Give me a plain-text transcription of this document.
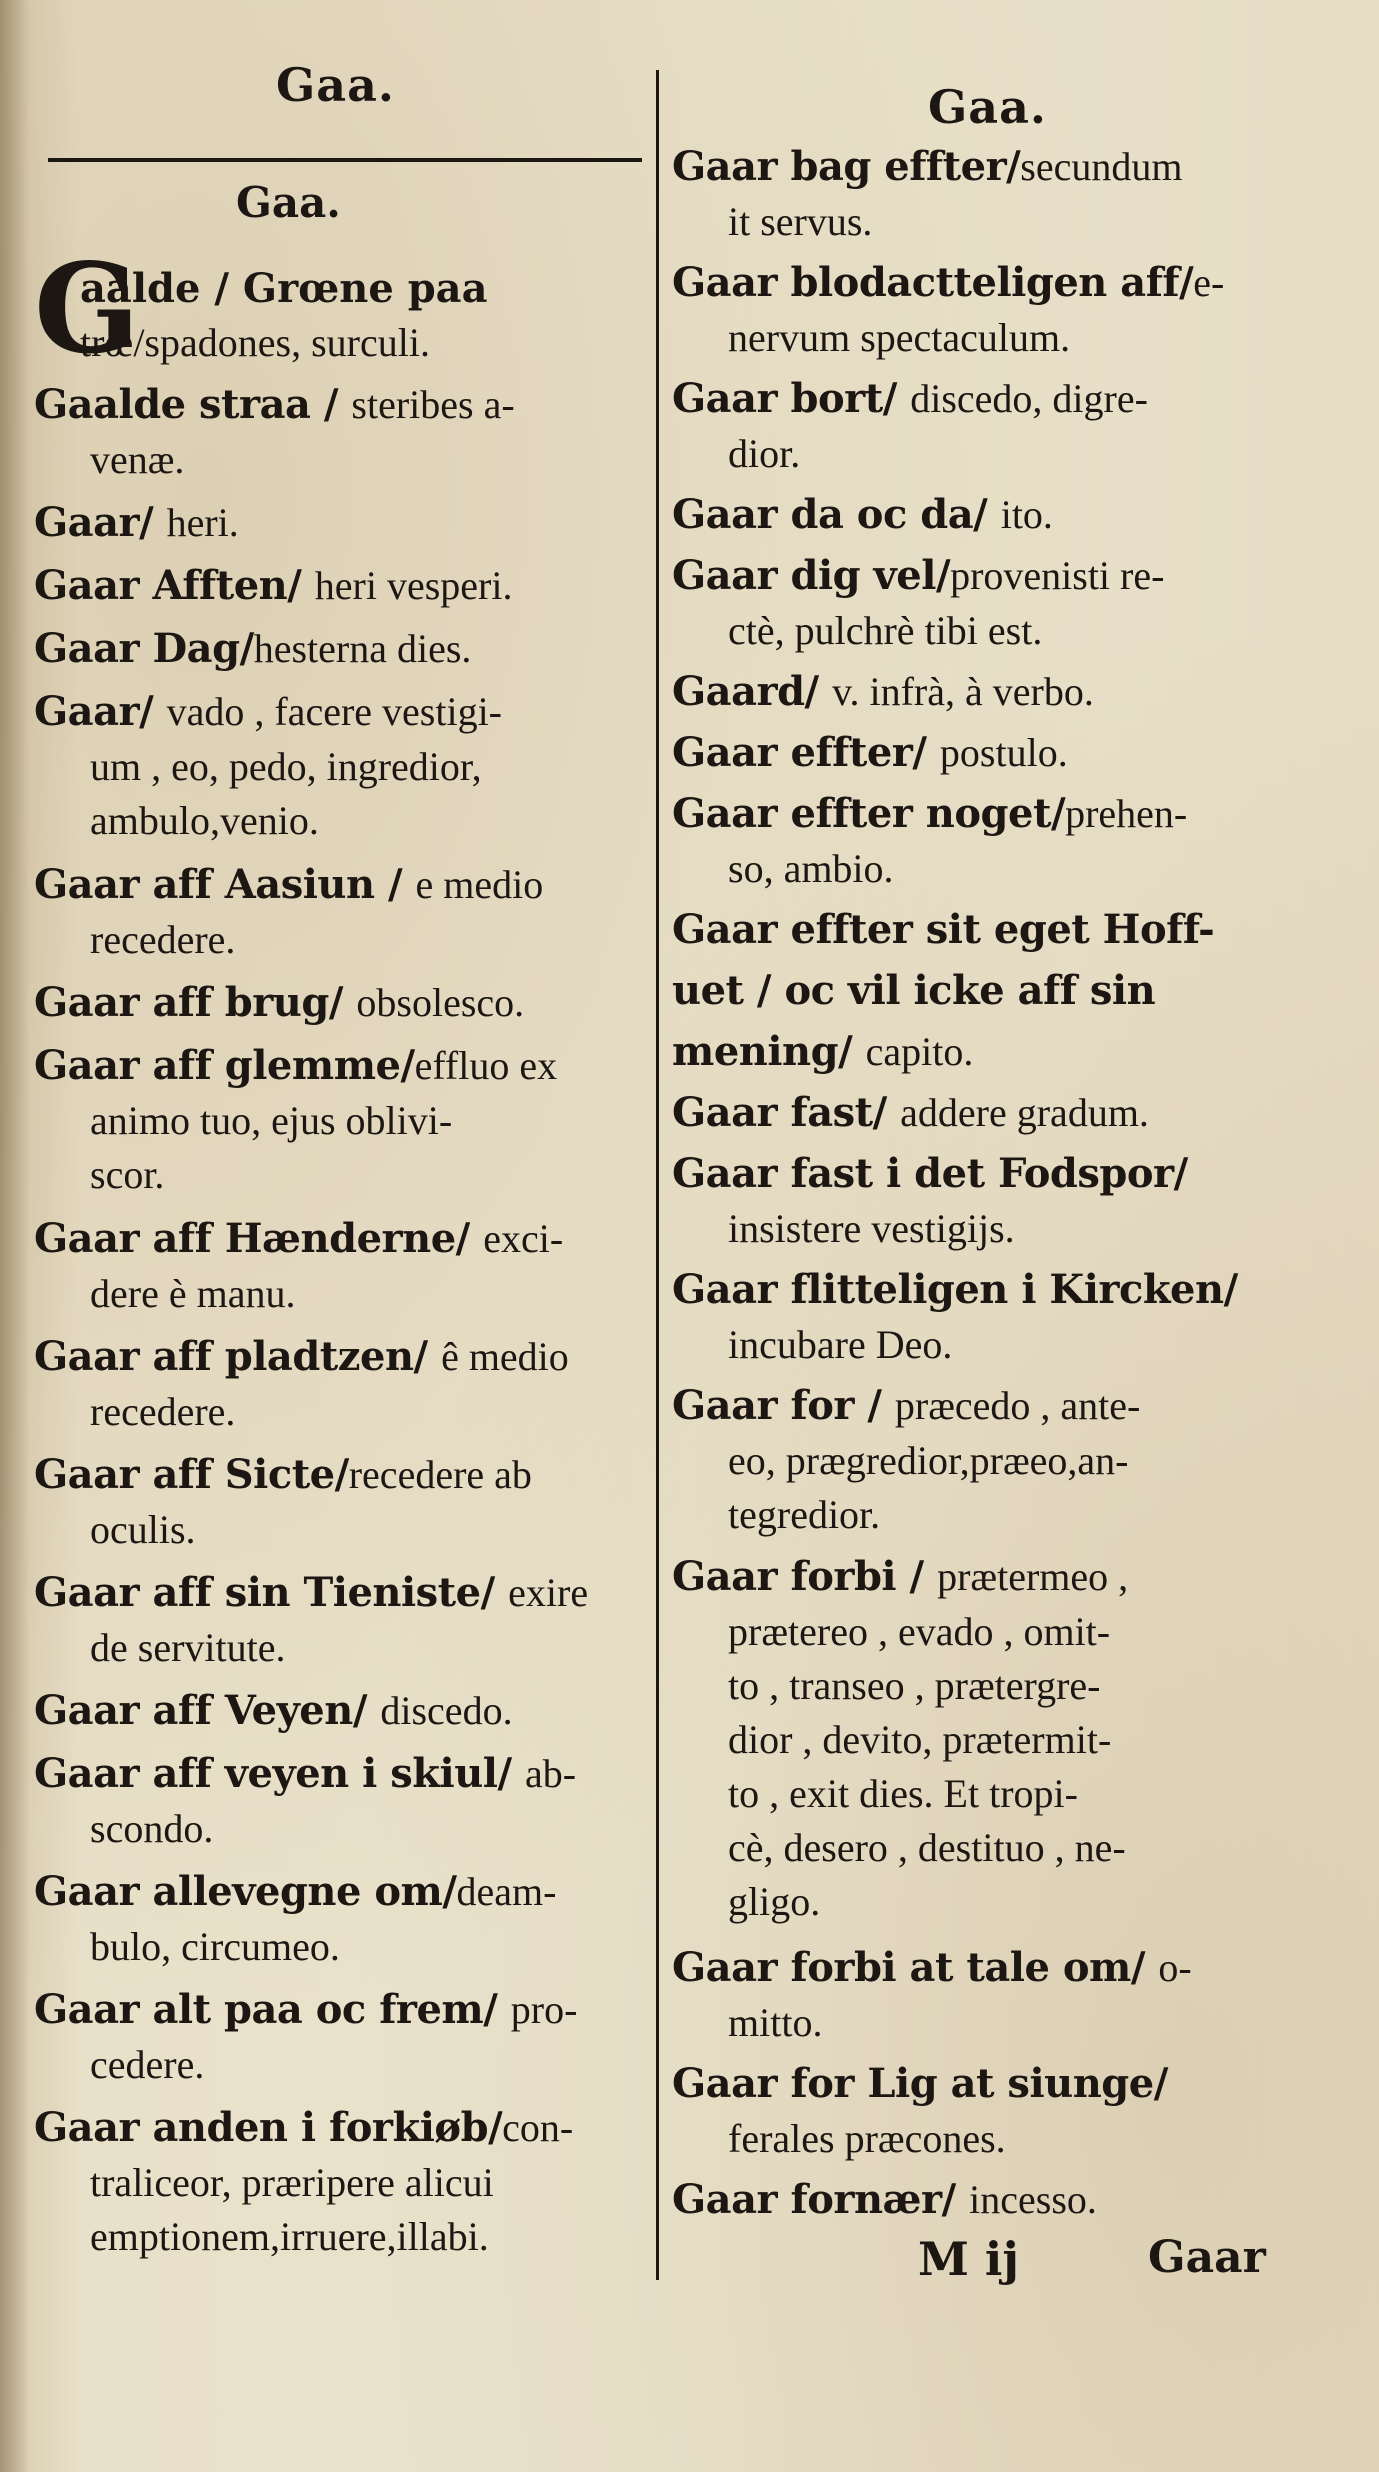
Gaa.	Gaa.
Gaa.
G
aalde / Grœne paa
trœ/spadones, surculi.
Gaalde straa / steribes a-
venæ.
Gaar/ heri.
Gaar Afften/ heri vesperi.
Gaar Dag/hesterna dies.
Gaar/ vado , facere vestigi-
um , eo, pedo, ingredior,
ambulo,venio.
Gaar aff Aasiun / e medio
recedere.
Gaar aff brug/ obsolesco.
Gaar aff glemme/effluo ex
animo tuo, ejus oblivi-
scor.
Gaar aff Hænderne/ exci-
dere è manu.
Gaar aff pladtzen/ ê medio
recedere.
Gaar aff Sicte/recedere ab
oculis.
Gaar aff sin Tieniste/ exire
de servitute.
Gaar aff Veyen/ discedo.
Gaar aff veyen i skiul/ ab-
scondo.
Gaar allevegne om/deam-
bulo, circumeo.
Gaar alt paa oc frem/ pro-
cedere.
Gaar anden i forkiøb/con-
traliceor, præripere alicui
emptionem,irruere,illabi.
Gaar bag effter/secundum
it servus.
Gaar blodactteligen aff/e-
nervum spectaculum.
Gaar bort/ discedo, digre-
dior.
Gaar da oc da/ ito.
Gaar dig vel/provenisti re-
ctè, pulchrè tibi est.
Gaard/ v. infrà, à verbo.
Gaar effter/ postulo.
Gaar effter noget/prehen-
so, ambio.
Gaar effter sit eget Hoff-
uet / oc vil icke aff sin
mening/ capito.
Gaar fast/ addere gradum.
Gaar fast i det Fodspor/
insistere vestigijs.
Gaar flitteligen i Kircken/
incubare Deo.
Gaar for / præcedo , ante-
eo, prægredior,præeo,an-
tegredior.
Gaar forbi / prætermeo ,
prætereo , evado , omit-
to , transeo , prætergre-
dior , devito, prætermit-
to , exit dies. Et tropi-
cè, desero , destituo , ne-
gligo.
Gaar forbi at tale om/ o-
mitto.
Gaar for Lig at siunge/
ferales præcones.
Gaar fornær/ incesso.
M ij	Gaar
